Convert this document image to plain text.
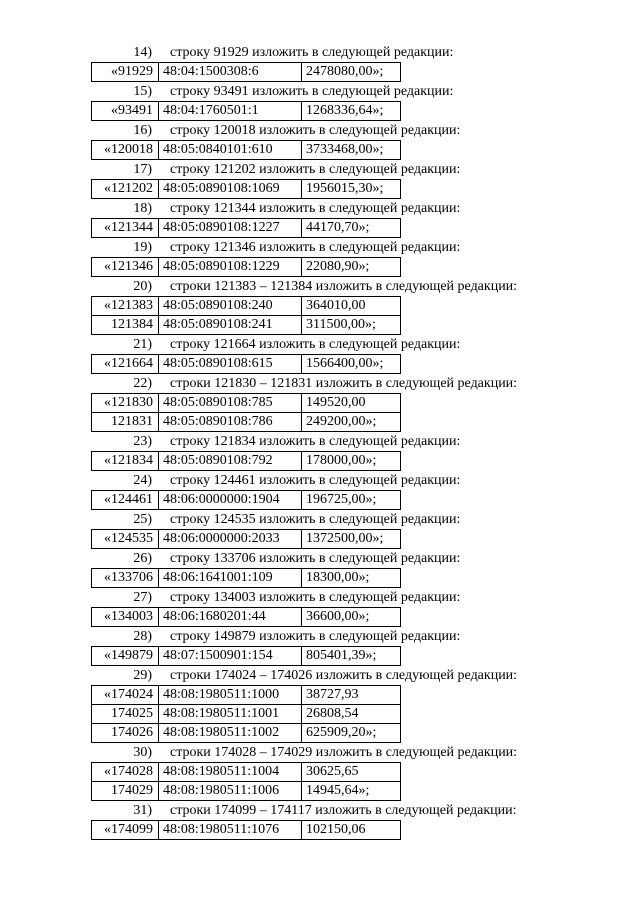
14) строку 91929 изложить в следующей редакции:
«91929	48:04:1500308:6	2478080,00»;
15) строку 93491 изложить в следующей редакции:
«93491	48:04:1760501:1	1268336,64»;
16) строку 120018 изложить в следующей редакции:
«120018	48:05:0840101:610	3733468,00»;
17) строку 121202 изложить в следующей редакции:
«121202	48:05:0890108:1069	1956015,30»;
18) строку 121344 изложить в следующей редакции:
«121344	48:05:0890108:1227	44170,70»;
19) строку 121346 изложить в следующей редакции:
«121346	48:05:0890108:1229	22080,90»;
20) строки 121383 – 121384 изложить в следующей редакции:
«121383	48:05:0890108:240	364010,00
121384	48:05:0890108:241	311500,00»;
21) строку 121664 изложить в следующей редакции:
«121664	48:05:0890108:615	1566400,00»;
22) строки 121830 – 121831 изложить в следующей редакции:
«121830	48:05:0890108:785	149520,00
121831	48:05:0890108:786	249200,00»;
23) строку 121834 изложить в следующей редакции:
«121834	48:05:0890108:792	178000,00»;
24) строку 124461 изложить в следующей редакции:
«124461	48:06:0000000:1904	196725,00»;
25) строку 124535 изложить в следующей редакции:
«124535	48:06:0000000:2033	1372500,00»;
26) строку 133706 изложить в следующей редакции:
«133706	48:06:1641001:109	18300,00»;
27) строку 134003 изложить в следующей редакции:
«134003	48:06:1680201:44	36600,00»;
28) строку 149879 изложить в следующей редакции:
«149879	48:07:1500901:154	805401,39»;
29) строки 174024 – 174026 изложить в следующей редакции:
«174024	48:08:1980511:1000	38727,93
174025	48:08:1980511:1001	26808,54
174026	48:08:1980511:1002	625909,20»;
30) строки 174028 – 174029 изложить в следующей редакции:
«174028	48:08:1980511:1004	30625,65
174029	48:08:1980511:1006	14945,64»;
31) строки 174099 – 174117 изложить в следующей редакции:
«174099	48:08:1980511:1076	102150,06
